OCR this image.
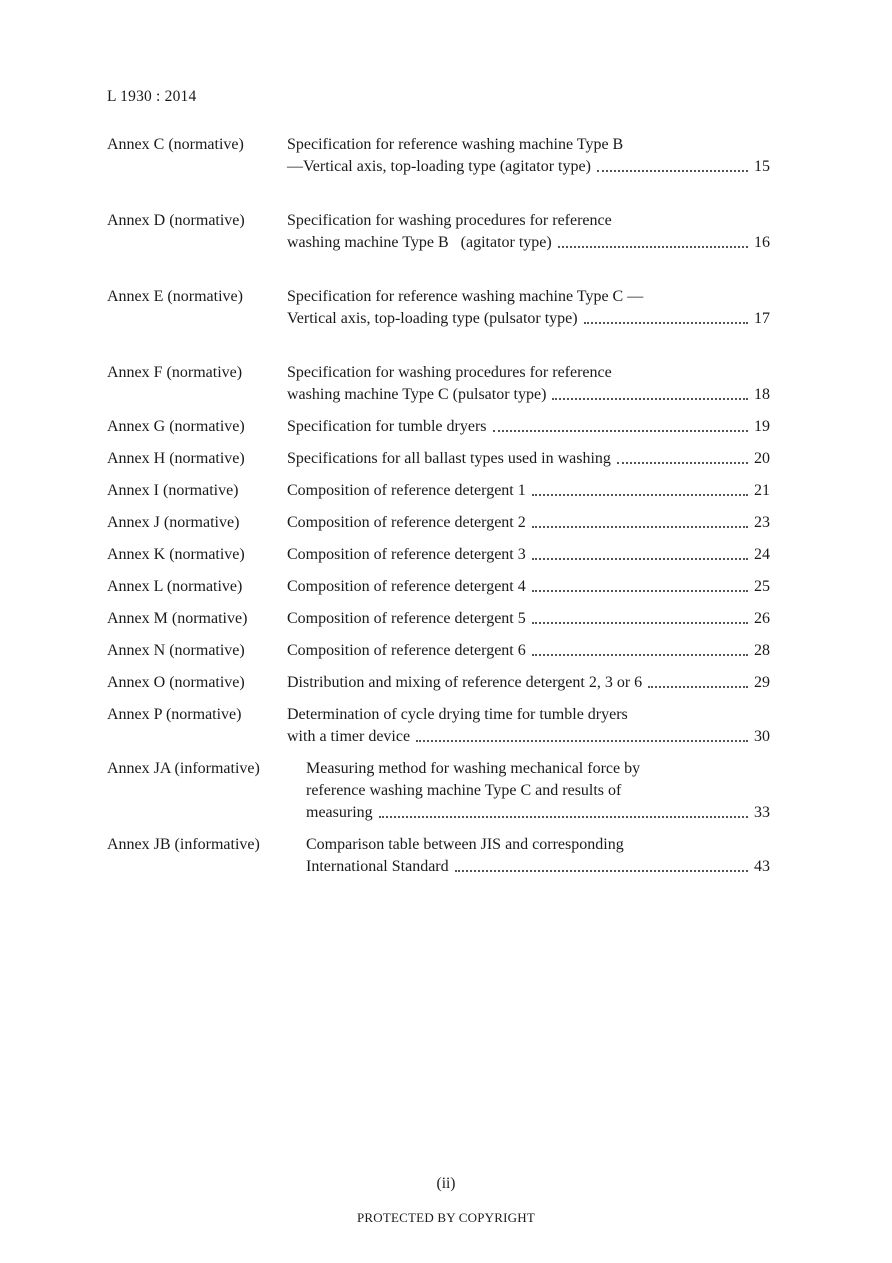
L 1930 : 2014
Annex C (normative)	Specification for reference washing machine Type B
—Vertical axis, top-loading type (agitator type)	15
Annex D (normative)	Specification for washing procedures for reference
washing machine Type B   (agitator type)	16
Annex E (normative)	Specification for reference washing machine Type C —
Vertical axis, top-loading type (pulsator type)	17
Annex F (normative)	Specification for washing procedures for reference
washing machine Type C (pulsator type)	18
Annex G (normative)	Specification for tumble dryers	19
Annex H (normative)	Specifications for all ballast types used in washing	20
Annex I (normative)	Composition of reference detergent 1	21
Annex J (normative)	Composition of reference detergent 2	23
Annex K (normative)	Composition of reference detergent 3	24
Annex L (normative)	Composition of reference detergent 4	25
Annex M (normative) Composition of reference detergent 5	26
Annex N (normative)	Composition of reference detergent 6	28
Annex O (normative)	Distribution and mixing of reference detergent 2, 3 or 6	29
Annex P (normative)	Determination of cycle drying time for tumble dryers
with a timer device	30
Annex JA (informative)	Measuring method for washing mechanical force by
reference washing machine Type C and results of
measuring	33
Annex JB (informative)	Comparison table between JIS and corresponding
International Standard	43
(ii)
PROTECTED BY COPYRIGHT
